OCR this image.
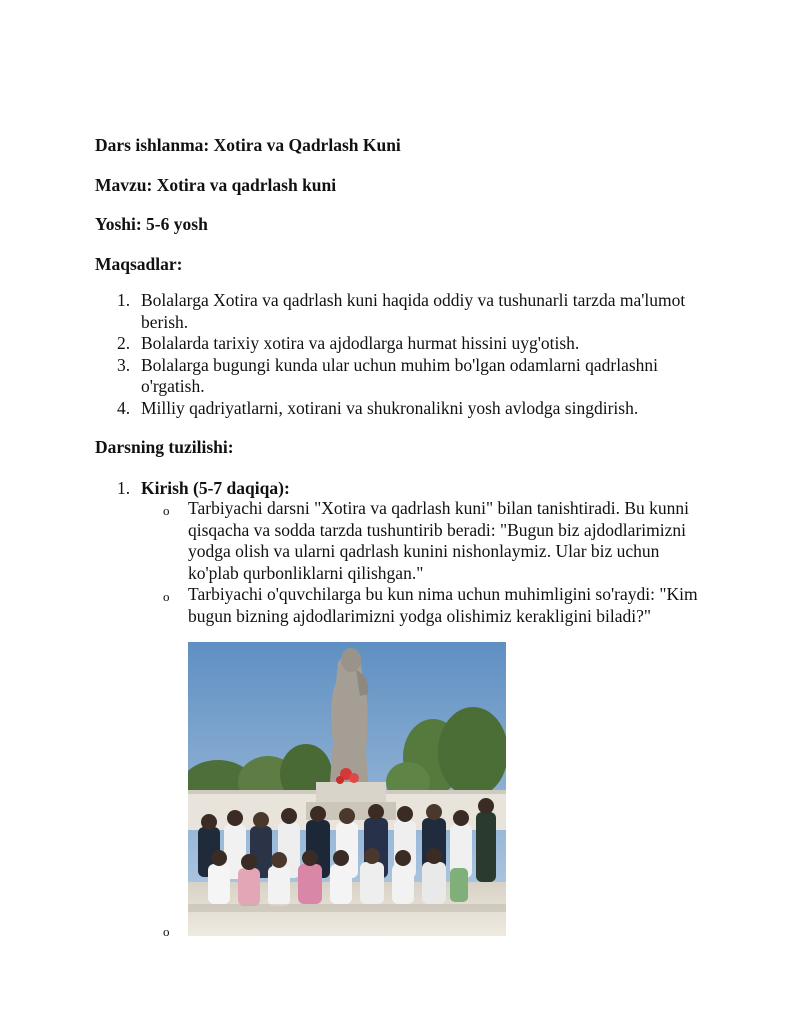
Dars ishlanma: Xotira va Qadrlash Kuni

Mavzu: Xotira va qadrlash kuni

Yoshi: 5-6 yosh

Maqsadlar:

1. Bolalarga Xotira va qadrlash kuni haqida oddiy va tushunarli tarzda ma'lumot berish.
2. Bolalarda tarixiy xotira va ajdodlarga hurmat hissini uyg'otish.
3. Bolalarga bugungi kunda ular uchun muhim bo'lgan odamlarni qadrlashni o'rgatish.
4. Milliy qadriyatlarni, xotirani va shukronalikni yosh avlodga singdirish.

Darsning tuzilishi:

1. Kirish (5-7 daqiqa):
o Tarbiyachi darsni "Xotira va qadrlash kuni" bilan tanishtiradi. Bu kunni qisqacha va sodda tarzda tushuntirib beradi: "Bugun biz ajdodlarimizni yodga olish va ularni qadrlash kunini nishonlaymiz. Ular biz uchun ko'plab qurbonliklarni qilishgan."
o Tarbiyachi o'quvchilarga bu kun nima uchun muhimligini so'raydi: "Kim bugun bizning ajdodlarimizni yodga olishimiz kerakligini biladi?"
o
